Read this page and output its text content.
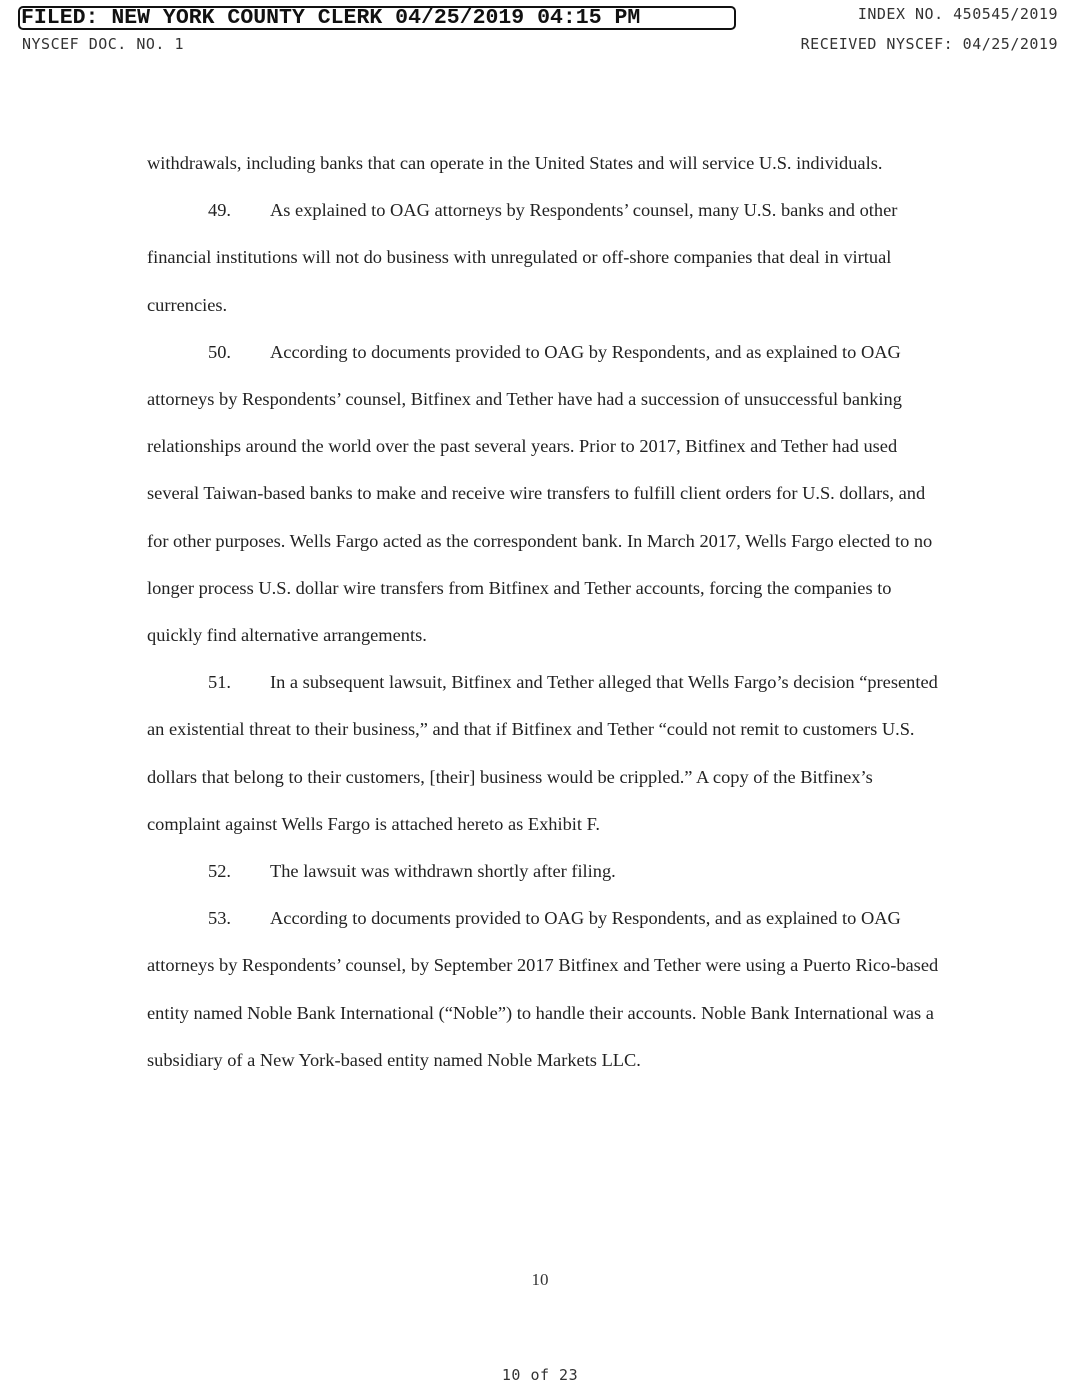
FILED: NEW YORK COUNTY CLERK 04/25/2019 04:15 PM	INDEX NO. 450545/2019
NYSCEF DOC. NO. 1	RECEIVED NYSCEF: 04/25/2019

withdrawals, including banks that can operate in the United States and will service U.S. individuals.

49. As explained to OAG attorneys by Respondents’ counsel, many U.S. banks and other financial institutions will not do business with unregulated or off-shore companies that deal in virtual currencies.

50. According to documents provided to OAG by Respondents, and as explained to OAG attorneys by Respondents’ counsel, Bitfinex and Tether have had a succession of unsuccessful banking relationships around the world over the past several years. Prior to 2017, Bitfinex and Tether had used several Taiwan-based banks to make and receive wire transfers to fulfill client orders for U.S. dollars, and for other purposes. Wells Fargo acted as the correspondent bank. In March 2017, Wells Fargo elected to no longer process U.S. dollar wire transfers from Bitfinex and Tether accounts, forcing the companies to quickly find alternative arrangements.

51. In a subsequent lawsuit, Bitfinex and Tether alleged that Wells Fargo’s decision “presented an existential threat to their business,” and that if Bitfinex and Tether “could not remit to customers U.S. dollars that belong to their customers, [their] business would be crippled.” A copy of the Bitfinex’s complaint against Wells Fargo is attached hereto as Exhibit F.

52. The lawsuit was withdrawn shortly after filing.

53. According to documents provided to OAG by Respondents, and as explained to OAG attorneys by Respondents’ counsel, by September 2017 Bitfinex and Tether were using a Puerto Rico-based entity named Noble Bank International (“Noble”) to handle their accounts. Noble Bank International was a subsidiary of a New York-based entity named Noble Markets LLC.

10
10 of 23
